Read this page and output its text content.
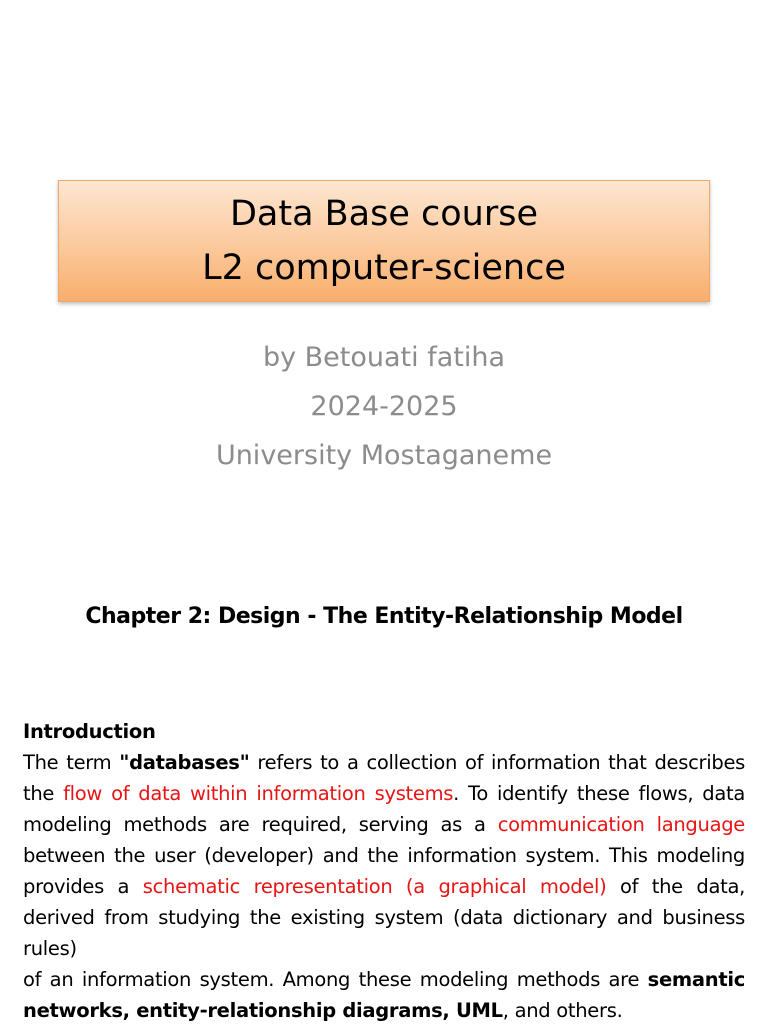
Data Base course
L2 computer-science
by Betouati fatiha
2024-2025
University Mostaganeme
Chapter 2: Design - The Entity-Relationship Model
Introduction
The term "databases" refers to a collection of information that describes the flow of data within information systems. To identify these flows, data modeling methods are required, serving as a communication language between the user (developer) and the information system. This modeling provides a schematic representation (a graphical model) of the data, derived from studying the existing system (data dictionary and business rules)
of an information system. Among these modeling methods are semantic networks, entity-relationship diagrams, UML, and others.
